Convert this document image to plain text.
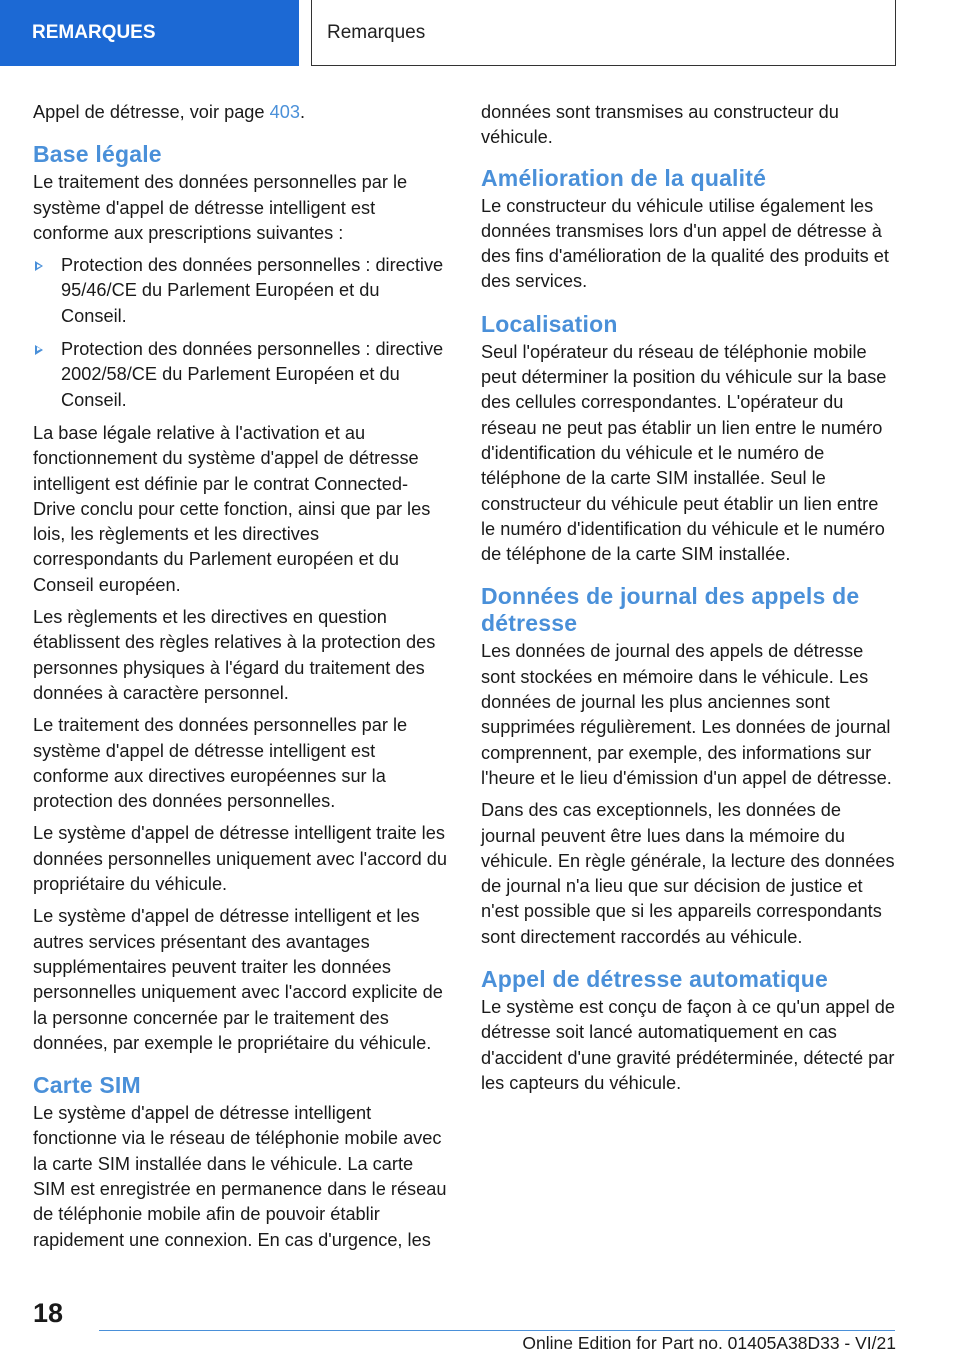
REMARQUES	Remarques

Appel de détresse, voir page 403.

Base légale

Le traitement des données personnelles par le système d'appel de détresse intelligent est conforme aux prescriptions suivantes :

Protection des données personnelles : directive 95/46/CE du Parlement Européen et du Conseil.
Protection des données personnelles : directive 2002/58/CE du Parlement Européen et du Conseil.

La base légale relative à l'activation et au fonctionnement du système d'appel de détresse intelligent est définie par le contrat Connected-Drive conclu pour cette fonction, ainsi que par les lois, les règlements et les directives correspondants du Parlement européen et du Conseil européen.

Les règlements et les directives en question établissent des règles relatives à la protection des personnes physiques à l'égard du traitement des données à caractère personnel.

Le traitement des données personnelles par le système d'appel de détresse intelligent est conforme aux directives européennes sur la protection des données personnelles.

Le système d'appel de détresse intelligent traite les données personnelles uniquement avec l'accord du propriétaire du véhicule.

Le système d'appel de détresse intelligent et les autres services présentant des avantages supplémentaires peuvent traiter les données personnelles uniquement avec l'accord explicite de la personne concernée par le traitement des données, par exemple le propriétaire du véhicule.

Carte SIM

Le système d'appel de détresse intelligent fonctionne via le réseau de téléphonie mobile avec la carte SIM installée dans le véhicule. La carte SIM est enregistrée en permanence dans le réseau de téléphonie mobile afin de pouvoir établir rapidement une connexion. En cas d'urgence, les

données sont transmises au constructeur du véhicule.

Amélioration de la qualité

Le constructeur du véhicule utilise également les données transmises lors d'un appel de détresse à des fins d'amélioration de la qualité des produits et des services.

Localisation

Seul l'opérateur du réseau de téléphonie mobile peut déterminer la position du véhicule sur la base des cellules correspondantes. L'opérateur du réseau ne peut pas établir un lien entre le numéro d'identification du véhicule et le numéro de téléphone de la carte SIM installée. Seul le constructeur du véhicule peut établir un lien entre le numéro d'identification du véhicule et le numéro de téléphone de la carte SIM installée.

Données de journal des appels de détresse

Les données de journal des appels de détresse sont stockées en mémoire dans le véhicule. Les données de journal les plus anciennes sont supprimées régulièrement. Les données de journal comprennent, par exemple, des informations sur l'heure et le lieu d'émission d'un appel de détresse.

Dans des cas exceptionnels, les données de journal peuvent être lues dans la mémoire du véhicule. En règle générale, la lecture des données de journal n'a lieu que sur décision de justice et n'est possible que si les appareils correspondants sont directement raccordés au véhicule.

Appel de détresse automatique

Le système est conçu de façon à ce qu'un appel de détresse soit lancé automatiquement en cas d'accident d'une gravité prédéterminée, détecté par les capteurs du véhicule.

18
Online Edition for Part no. 01405A38D33 - VI/21
